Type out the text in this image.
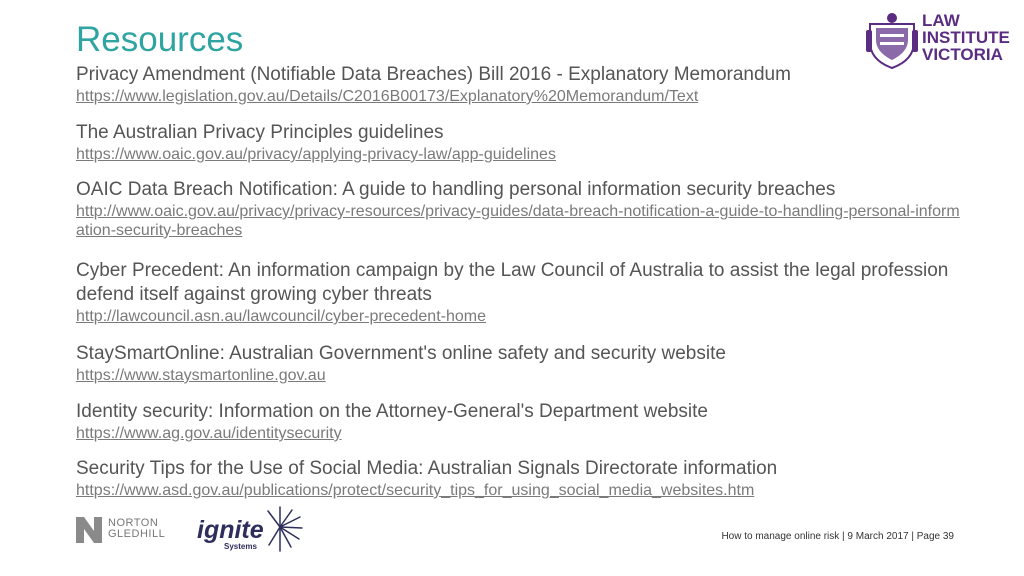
Resources
Privacy Amendment (Notifiable Data Breaches) Bill 2016 - Explanatory Memorandum
https://www.legislation.gov.au/Details/C2016B00173/Explanatory%20Memorandum/Text
The Australian Privacy Principles guidelines
https://www.oaic.gov.au/privacy/applying-privacy-law/app-guidelines
OAIC Data Breach Notification: A guide to handling personal information security breaches
http://www.oaic.gov.au/privacy/privacy-resources/privacy-guides/data-breach-notification-a-guide-to-handling-personal-information-security-breaches
Cyber Precedent: An information campaign by the Law Council of Australia to assist the legal profession defend itself against growing cyber threats
http://lawcouncil.asn.au/lawcouncil/cyber-precedent-home
StaySmartOnline: Australian Government's online safety and security website
https://www.staysmartonline.gov.au
Identity security: Information on the Attorney-General's Department website
https://www.ag.gov.au/identitysecurity
Security Tips for the Use of Social Media: Australian Signals Directorate information
https://www.asd.gov.au/publications/protect/security_tips_for_using_social_media_websites.htm
LAW
INSTITUTE
VICTORIA
NORTON
GLEDHILL ignite
Systems
How to manage online risk | 9 March 2017 | Page 39
